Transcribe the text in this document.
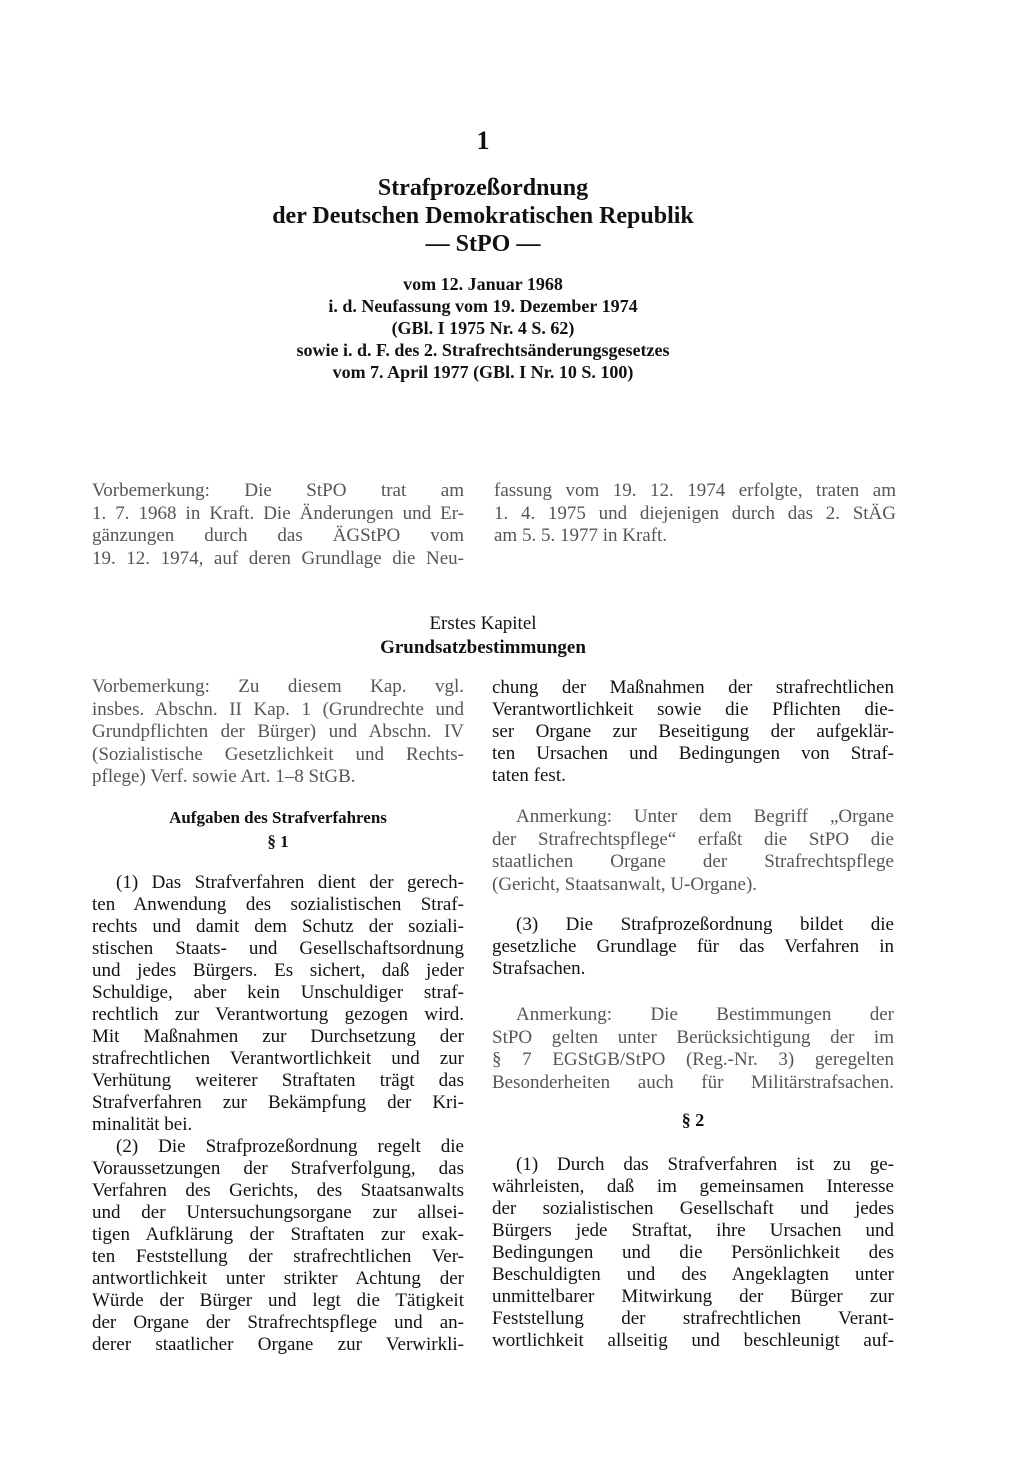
1
Strafprozeßordnung
der Deutschen Demokratischen Republik
— StPO —
vom 12. Januar 1968
i. d. Neufassung vom 19. Dezember 1974
(GBl. I 1975 Nr. 4 S. 62)
sowie i. d. F. des 2. Strafrechtsänderungsgesetzes
vom 7. April 1977 (GBl. I Nr. 10 S. 100)
Vorbemerkung: Die StPO trat am
1. 7. 1968 in Kraft. Die Änderungen und Er-
gänzungen durch das ÄGStPO vom
19. 12. 1974, auf deren Grundlage die Neu-
fassung vom 19. 12. 1974 erfolgte, traten am
1. 4. 1975 und diejenigen durch das 2. StÄG
am 5. 5. 1977 in Kraft.
Erstes Kapitel
Grundsatzbestimmungen
Vorbemerkung: Zu diesem Kap. vgl.
insbes. Abschn. II Kap. 1 (Grundrechte und
Grundpflichten der Bürger) und Abschn. IV
(Sozialistische Gesetzlichkeit und Rechts-
pflege) Verf. sowie Art. 1–8 StGB.
chung der Maßnahmen der strafrechtlichen
Verantwortlichkeit sowie die Pflichten die-
ser Organe zur Beseitigung der aufgeklär-
ten Ursachen und Bedingungen von Straf-
taten fest.
Aufgaben des Strafverfahrens
§ 1
(1) Das Strafverfahren dient der gerech-
ten Anwendung des sozialistischen Straf-
rechts und damit dem Schutz der soziali-
stischen Staats- und Gesellschaftsordnung
und jedes Bürgers. Es sichert, daß jeder
Schuldige, aber kein Unschuldiger straf-
rechtlich zur Verantwortung gezogen wird.
Mit Maßnahmen zur Durchsetzung der
strafrechtlichen Verantwortlichkeit und zur
Verhütung weiterer Straftaten trägt das
Strafverfahren zur Bekämpfung der Kri-
minalität bei.
(2) Die Strafprozeßordnung regelt die
Voraussetzungen der Strafverfolgung, das
Verfahren des Gerichts, des Staatsanwalts
und der Untersuchungsorgane zur allsei-
tigen Aufklärung der Straftaten zur exak-
ten Feststellung der strafrechtlichen Ver-
antwortlichkeit unter strikter Achtung der
Würde der Bürger und legt die Tätigkeit
der Organe der Strafrechtspflege und an-
derer staatlicher Organe zur Verwirkli-
Anmerkung: Unter dem Begriff „Organe
der Strafrechtspflege“ erfaßt die StPO die
staatlichen Organe der Strafrechtspflege
(Gericht, Staatsanwalt, U-Organe).
(3) Die Strafprozeßordnung bildet die
gesetzliche Grundlage für das Verfahren in
Strafsachen.
Anmerkung: Die Bestimmungen der
StPO gelten unter Berücksichtigung der im
§ 7 EGStGB/StPO (Reg.-Nr. 3) geregelten
Besonderheiten auch für Militärstrafsachen.
§ 2
(1) Durch das Strafverfahren ist zu ge-
währleisten, daß im gemeinsamen Interesse
der sozialistischen Gesellschaft und jedes
Bürgers jede Straftat, ihre Ursachen und
Bedingungen und die Persönlichkeit des
Beschuldigten und des Angeklagten unter
unmittelbarer Mitwirkung der Bürger zur
Feststellung der strafrechtlichen Verant-
wortlichkeit allseitig und beschleunigt auf-
